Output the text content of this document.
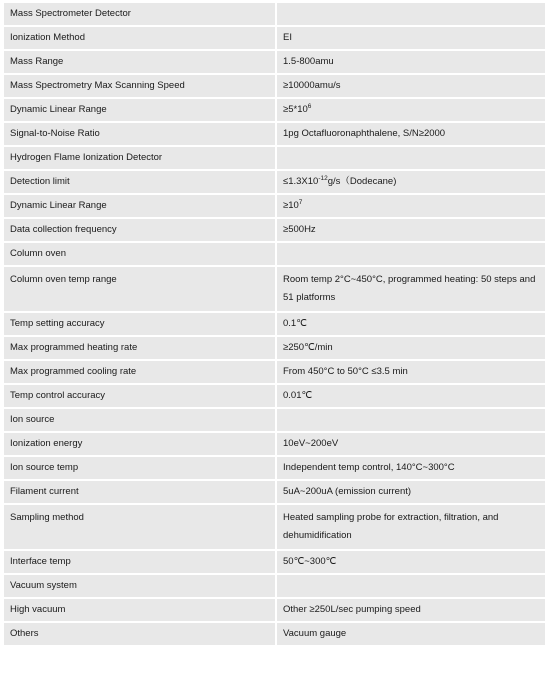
Mass Spectrometer Detector	
Ionization Method	EI
Mass Range	1.5-800amu
Mass Spectrometry Max Scanning Speed	≥10000amu/s
Dynamic Linear Range	$\ge 5*10^6$
Signal-to-Noise Ratio	1pg Octafluoronaphthalene, S/N≥2000
Hydrogen Flame Ionization Detector	
Detection limit	$\le 1.3X10^{-12}g/s(Dodecane)$
Dynamic Linear Range	$\ge 10^7$
Data collection frequency	≥500Hz
Column oven	
Column oven temp range	Room temp 2°C~450°C, programmed heating: 50 steps and 51 platforms
Temp setting accuracy	0.1℃
Max programmed heating rate	≥250℃/min
Max programmed cooling rate	From 450°C to 50°C ≤3.5 min
Temp control accuracy	0.01℃
Ion source	
Ionization energy	10eV~200eV
Ion source temp	Independent temp control, 140°C~300°C
Filament current	5uA~200uA (emission current)
Sampling method	Heated sampling probe for extraction, filtration, and dehumidification
Interface temp	50℃~300℃
Vacuum system	
High vacuum	Other ≥250L/sec pumping speed
Others	Vacuum gauge
